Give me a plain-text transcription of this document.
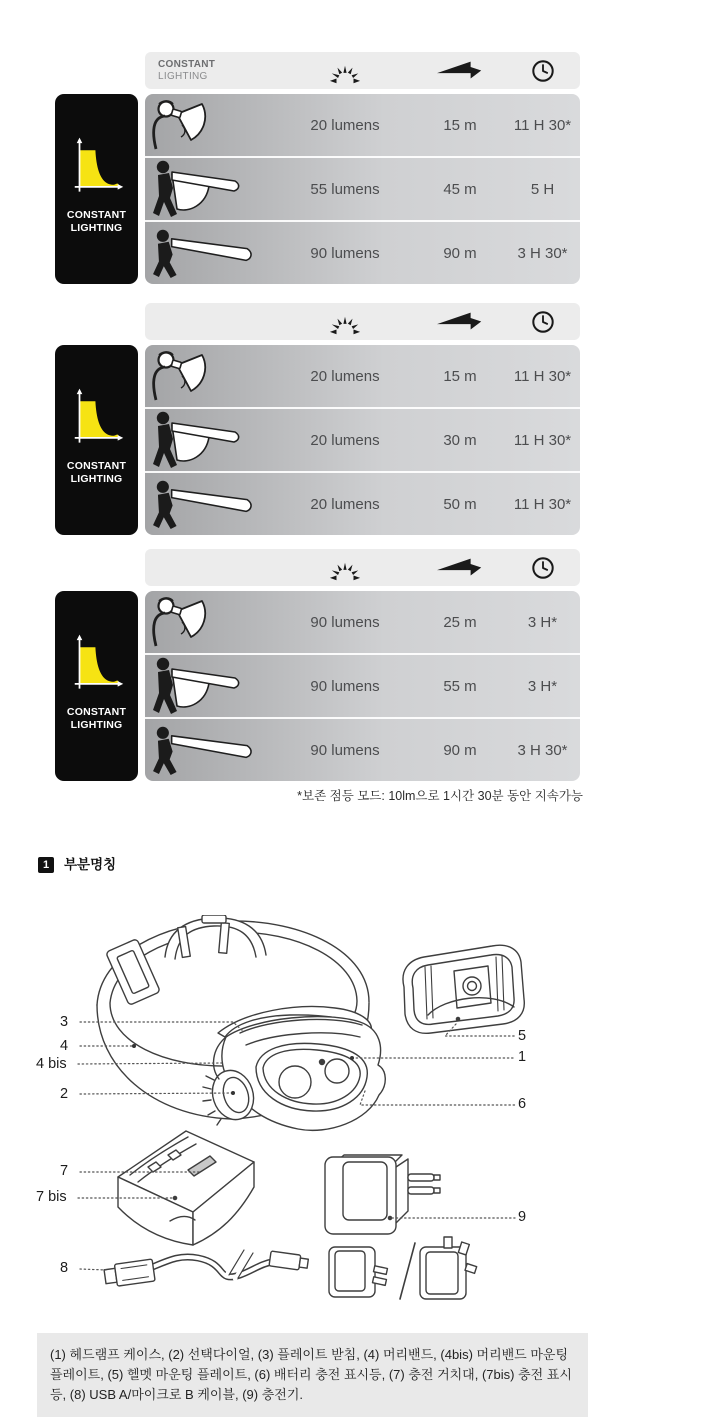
CONSTANT
LIGHTING
CONSTANT
LIGHTING
20 lumens	15 m	11 H 30*
55 lumens	45 m	5 H
90 lumens	90 m	3 H 30*
CONSTANT
LIGHTING
20 lumens	15 m	11 H 30*
20 lumens	30 m	11 H 30*
20 lumens	50 m	11 H 30*
CONSTANT
LIGHTING
90 lumens	25 m	3 H*
90 lumens	55 m	3 H*
90 lumens	90 m	3 H 30*
*보존 점등 모드: 10lm으로 1시간 30분 동안 지속가능
1	부분명칭
3
4
4 bis
2
5
1
6
7
7 bis
8
9
(1) 헤드램프 케이스, (2) 선택다이얼, (3) 플레이트 받침, (4) 머리밴드, (4bis) 머리밴드 마운팅 플레이트, (5) 헬멧 마운팅 플레이트, (6) 배터리 충전 표시등, (7) 충전 거치대, (7bis) 충전 표시등, (8) USB A/마이크로 B 케이블, (9) 충전기.
